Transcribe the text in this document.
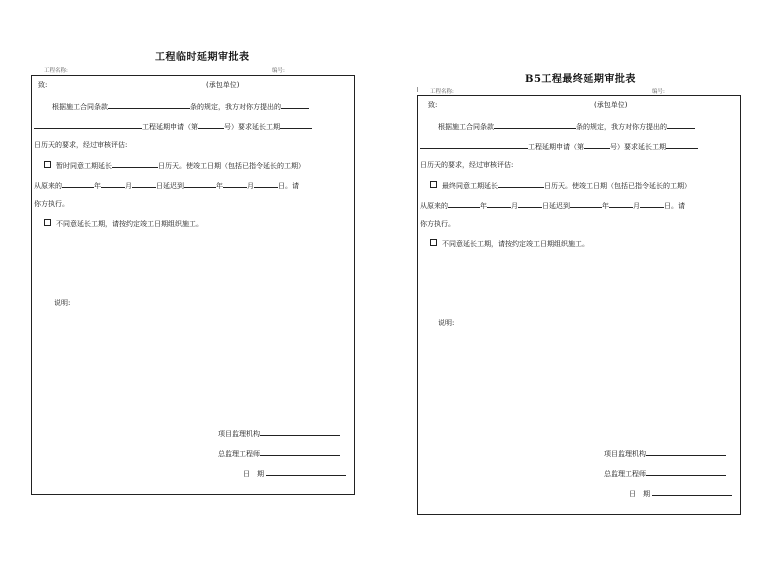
工程临时延期审批表
工程名称:	编号:
致:	(承包单位)
根据施工合同条款	条的规定，我方对你方提出的
工程延期申请（第	号）要求延长工期
日历天的要求，经过审核评估:
暂时同意工期延长	日历天。使竣工日期（包括已指令延长的工期）
从原来的	年	月	日延迟到	年	月	日。请
你方执行。
不同意延长工期，请按约定竣工日期组织施工。
说明:
项目监理机构
总监理工程师
日　期
B5工程最终延期审批表
工程名称:	编号:
致:	(承包单位)
根据施工合同条款	条的规定，我方对你方提出的
工程延期申请（第	号）要求延长工期
日历天的要求，经过审核评估:
最终同意工期延长	日历天。使竣工日期（包括已指令延长的工期）
从原来的	年	月	日延迟到	年	月	日。请
你方执行。
不同意延长工期，请按约定竣工日期组织施工。
说明:
项目监理机构
总监理工程师
日　期
